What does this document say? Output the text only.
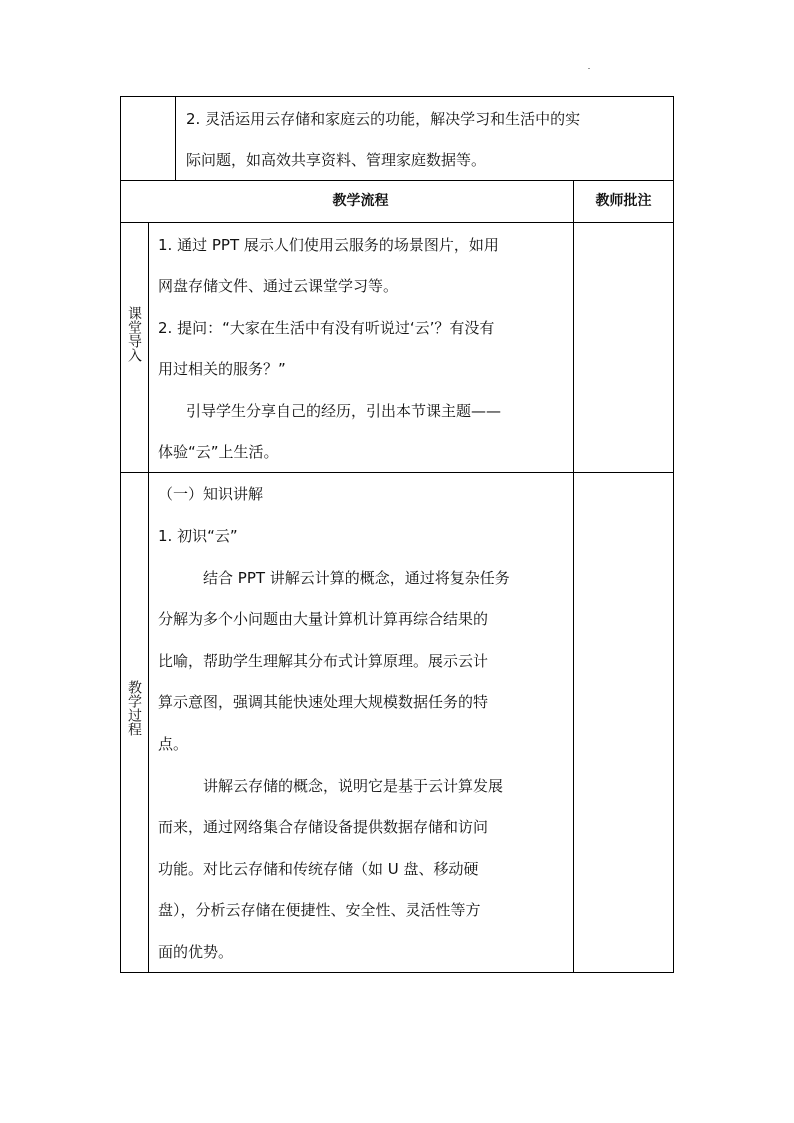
2. 灵活运用云存储和家庭云的功能，解决学习和生活中的实
际问题，如高效共享资料、管理家庭数据等。
教学流程	教师批注
课堂导入
1. 通过 PPT 展示人们使用云服务的场景图片，如用
网盘存储文件、通过云课堂学习等。
2. 提问：“大家在生活中有没有听说过‘云’？有没有
用过相关的服务？”
引导学生分享自己的经历，引出本节课主题——
体验“云”上生活。
教学过程
（一）知识讲解
1. 初识“云”
结合 PPT 讲解云计算的概念，通过将复杂任务
分解为多个小问题由大量计算机计算再综合结果的
比喻，帮助学生理解其分布式计算原理。展示云计
算示意图，强调其能快速处理大规模数据任务的特
点。
讲解云存储的概念，说明它是基于云计算发展
而来，通过网络集合存储设备提供数据存储和访问
功能。对比云存储和传统存储（如 U 盘、移动硬
盘），分析云存储在便捷性、安全性、灵活性等方
面的优势。
